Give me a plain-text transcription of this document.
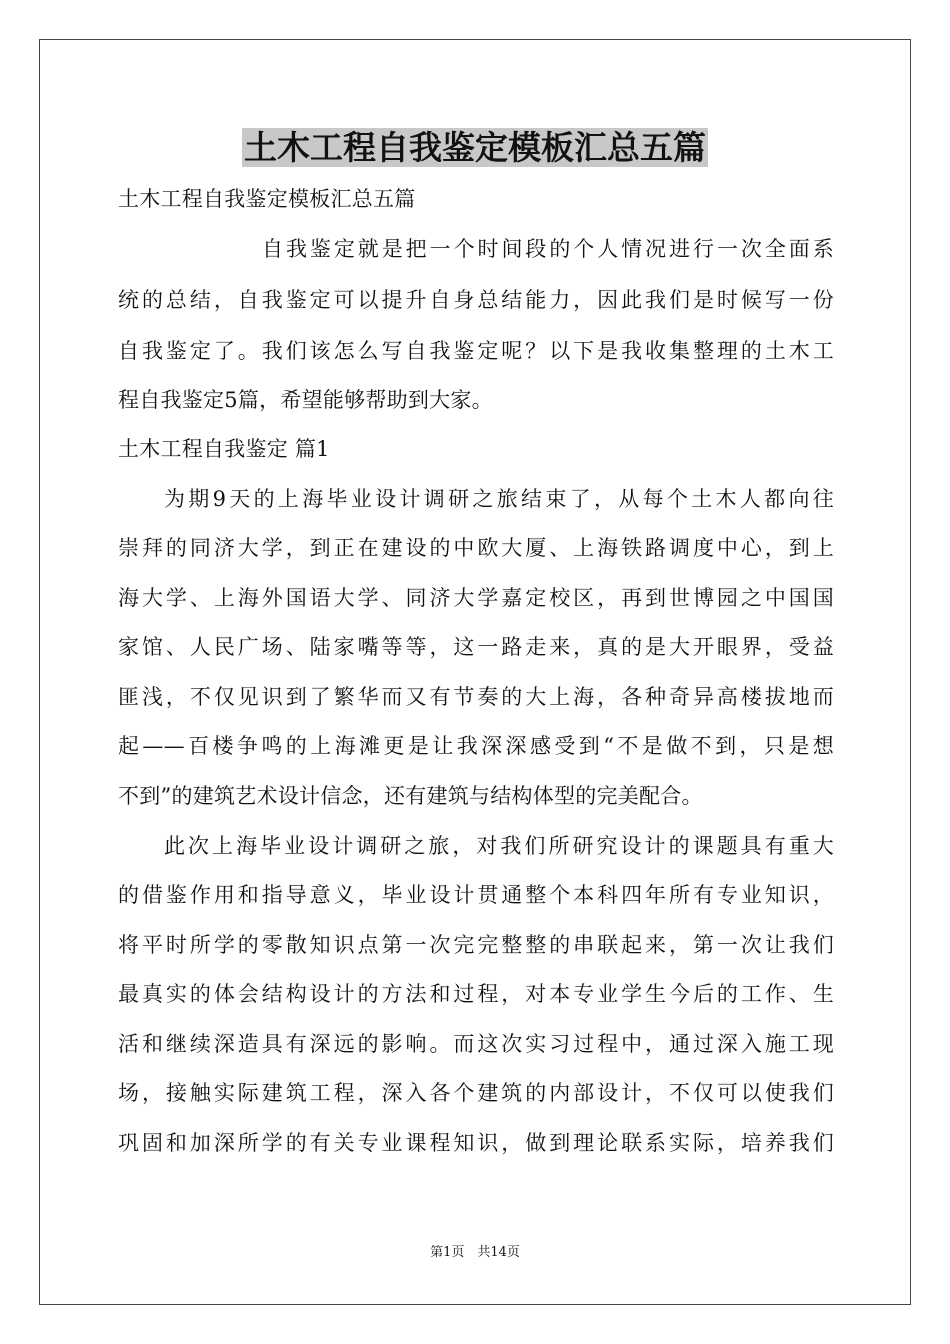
土木工程自我鉴定模板汇总五篇

土木工程自我鉴定模板汇总五篇

自我鉴定就是把一个时间段的个人情况进行一次全面系

统的总结，自我鉴定可以提升自身总结能力，因此我们是时候写一份

自我鉴定了。我们该怎么写自我鉴定呢？以下是我收集整理的土木工

程自我鉴定5篇，希望能够帮助到大家。

土木工程自我鉴定 篇1

为期9天的上海毕业设计调研之旅结束了，从每个土木人都向往

崇拜的同济大学，到正在建设的中欧大厦、上海铁路调度中心，到上

海大学、上海外国语大学、同济大学嘉定校区，再到世博园之中国国

家馆、人民广场、陆家嘴等等，这一路走来，真的是大开眼界，受益

匪浅，不仅见识到了繁华而又有节奏的大上海，各种奇异高楼拔地而

起——百楼争鸣的上海滩更是让我深深感受到“不是做不到，只是想

不到”的建筑艺术设计信念，还有建筑与结构体型的完美配合。

此次上海毕业设计调研之旅，对我们所研究设计的课题具有重大

的借鉴作用和指导意义，毕业设计贯通整个本科四年所有专业知识，

将平时所学的零散知识点第一次完完整整的串联起来，第一次让我们

最真实的体会结构设计的方法和过程，对本专业学生今后的工作、生

活和继续深造具有深远的影响。而这次实习过程中，通过深入施工现

场，接触实际建筑工程，深入各个建筑的内部设计，不仅可以使我们

巩固和加深所学的有关专业课程知识，做到理论联系实际，培养我们

第1页　共14页
